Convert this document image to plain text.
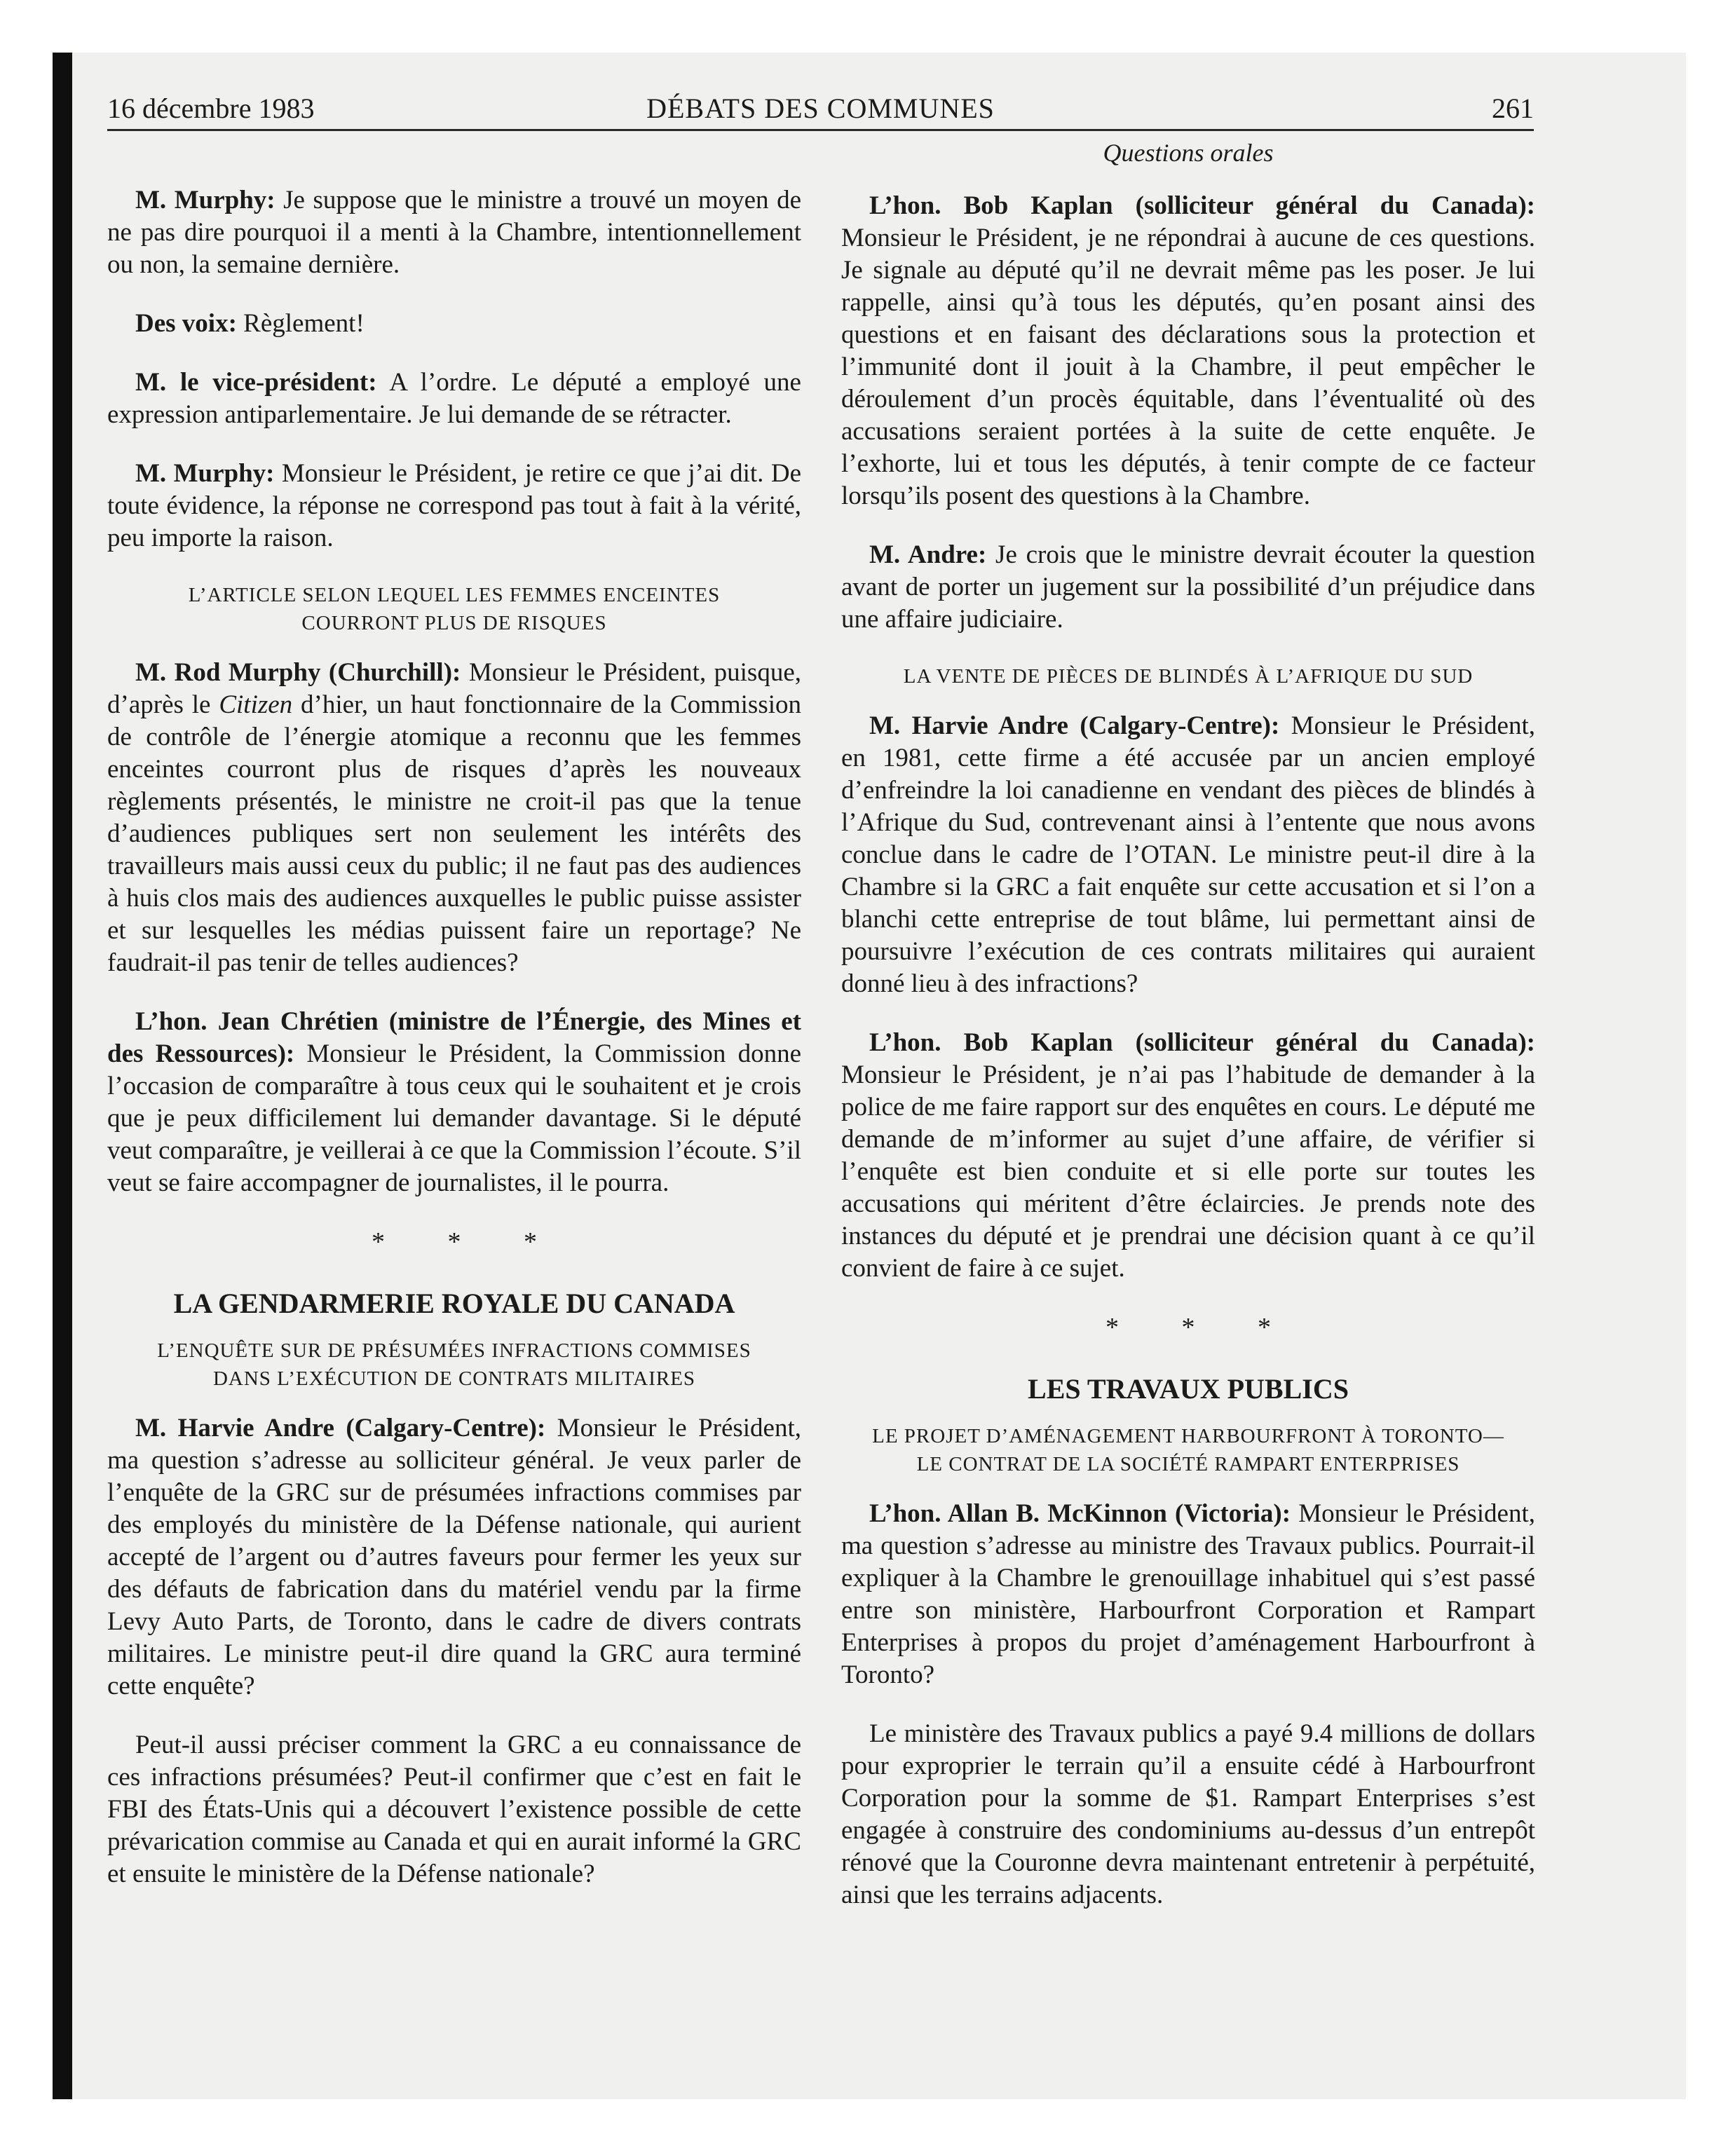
16 décembre 1983	DÉBATS DES COMMUNES	261

M. Murphy: Je suppose que le ministre a trouvé un moyen de ne pas dire pourquoi il a menti à la Chambre, intentionnellement ou non, la semaine dernière.

Des voix: Règlement!

M. le vice-président: A l’ordre. Le député a employé une expression antiparlementaire. Je lui demande de se rétracter.

M. Murphy: Monsieur le Président, je retire ce que j’ai dit. De toute évidence, la réponse ne correspond pas tout à fait à la vérité, peu importe la raison.

L’ARTICLE SELON LEQUEL LES FEMMES ENCEINTES COURRONT PLUS DE RISQUES

M. Rod Murphy (Churchill): Monsieur le Président, puisque, d’après le Citizen d’hier, un haut fonctionnaire de la Commission de contrôle de l’énergie atomique a reconnu que les femmes enceintes courront plus de risques d’après les nouveaux règlements présentés, le ministre ne croit-il pas que la tenue d’audiences publiques sert non seulement les intérêts des travailleurs mais aussi ceux du public; il ne faut pas des audiences à huis clos mais des audiences auxquelles le public puisse assister et sur lesquelles les médias puissent faire un reportage? Ne faudrait-il pas tenir de telles audiences?

L’hon. Jean Chrétien (ministre de l’Énergie, des Mines et des Ressources): Monsieur le Président, la Commission donne l’occasion de comparaître à tous ceux qui le souhaitent et je crois que je peux difficilement lui demander davantage. Si le député veut comparaître, je veillerai à ce que la Commission l’écoute. S’il veut se faire accompagner de journalistes, il le pourra.

* * *
LA GENDARMERIE ROYALE DU CANADA
L’ENQUÊTE SUR DE PRÉSUMÉES INFRACTIONS COMMISES DANS L’EXÉCUTION DE CONTRATS MILITAIRES

M. Harvie Andre (Calgary-Centre): Monsieur le Président, ma question s’adresse au solliciteur général. Je veux parler de l’enquête de la GRC sur de présumées infractions commises par des employés du ministère de la Défense nationale, qui aurient accepté de l’argent ou d’autres faveurs pour fermer les yeux sur des défauts de fabrication dans du matériel vendu par la firme Levy Auto Parts, de Toronto, dans le cadre de divers contrats militaires. Le ministre peut-il dire quand la GRC aura terminé cette enquête?

Peut-il aussi préciser comment la GRC a eu connaissance de ces infractions présumées? Peut-il confirmer que c’est en fait le FBI des États-Unis qui a découvert l’existence possible de cette prévarication commise au Canada et qui en aurait informé la GRC et ensuite le ministère de la Défense nationale?

Questions orales

L’hon. Bob Kaplan (solliciteur général du Canada): Monsieur le Président, je ne répondrai à aucune de ces questions. Je signale au député qu’il ne devrait même pas les poser. Je lui rappelle, ainsi qu’à tous les députés, qu’en posant ainsi des questions et en faisant des déclarations sous la protection et l’immunité dont il jouit à la Chambre, il peut empêcher le déroulement d’un procès équitable, dans l’éventualité où des accusations seraient portées à la suite de cette enquête. Je l’exhorte, lui et tous les députés, à tenir compte de ce facteur lorsqu’ils posent des questions à la Chambre.

M. Andre: Je crois que le ministre devrait écouter la question avant de porter un jugement sur la possibilité d’un préjudice dans une affaire judiciaire.

LA VENTE DE PIÈCES DE BLINDÉS À L’AFRIQUE DU SUD

M. Harvie Andre (Calgary-Centre): Monsieur le Président, en 1981, cette firme a été accusée par un ancien employé d’enfreindre la loi canadienne en vendant des pièces de blindés à l’Afrique du Sud, contrevenant ainsi à l’entente que nous avons conclue dans le cadre de l’OTAN. Le ministre peut-il dire à la Chambre si la GRC a fait enquête sur cette accusation et si l’on a blanchi cette entreprise de tout blâme, lui permettant ainsi de poursuivre l’exécution de ces contrats militaires qui auraient donné lieu à des infractions?

L’hon. Bob Kaplan (solliciteur général du Canada): Monsieur le Président, je n’ai pas l’habitude de demander à la police de me faire rapport sur des enquêtes en cours. Le député me demande de m’informer au sujet d’une affaire, de vérifier si l’enquête est bien conduite et si elle porte sur toutes les accusations qui méritent d’être éclaircies. Je prends note des instances du député et je prendrai une décision quant à ce qu’il convient de faire à ce sujet.

* * *
LES TRAVAUX PUBLICS
LE PROJET D’AMÉNAGEMENT HARBOURFRONT À TORONTO—LE CONTRAT DE LA SOCIÉTÉ RAMPART ENTERPRISES

L’hon. Allan B. McKinnon (Victoria): Monsieur le Président, ma question s’adresse au ministre des Travaux publics. Pourrait-il expliquer à la Chambre le grenouillage inhabituel qui s’est passé entre son ministère, Harbourfront Corporation et Rampart Enterprises à propos du projet d’aménagement Harbourfront à Toronto?

Le ministère des Travaux publics a payé 9.4 millions de dollars pour exproprier le terrain qu’il a ensuite cédé à Harbourfront Corporation pour la somme de $1. Rampart Enterprises s’est engagée à construire des condominiums au-dessus d’un entrepôt rénové que la Couronne devra maintenant entretenir à perpétuité, ainsi que les terrains adjacents.
